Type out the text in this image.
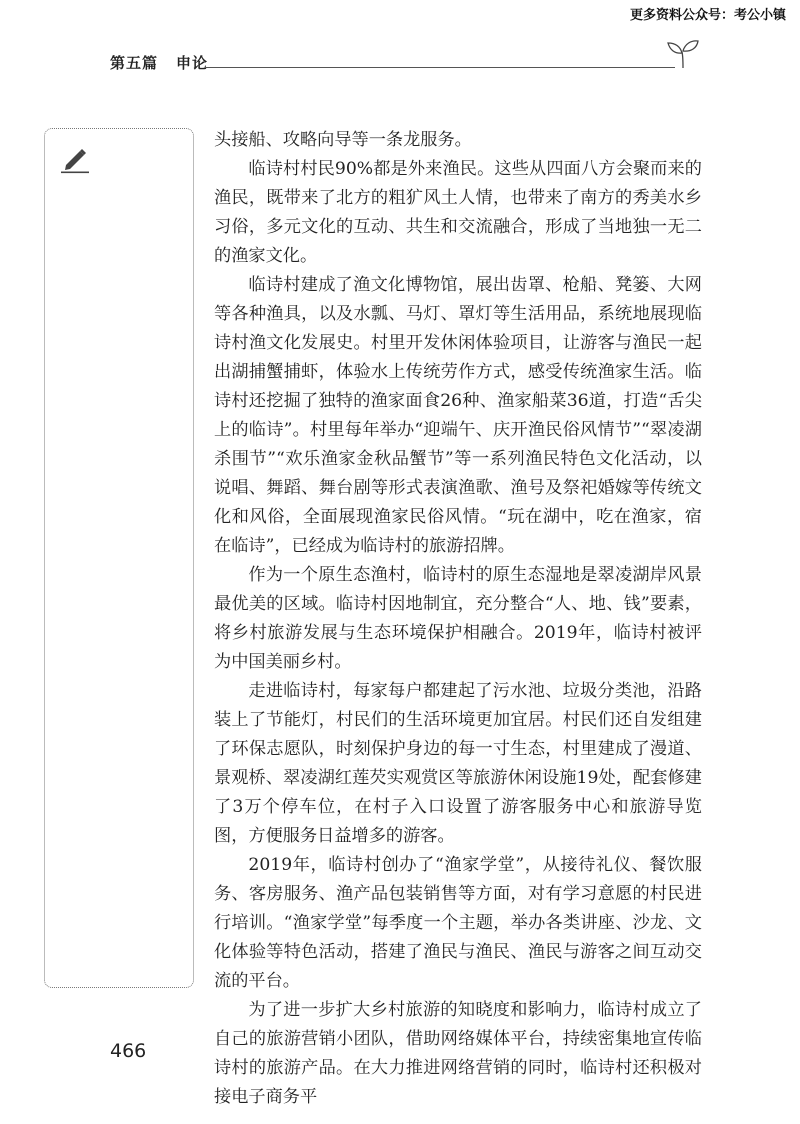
更多资料公众号：考公小镇
第五篇 申论

头接船、攻略向导等一条龙服务。

临诗村村民90%都是外来渔民。这些从四面八方会聚而来的渔民，既带来了北方的粗犷风土人情，也带来了南方的秀美水乡习俗，多元文化的互动、共生和交流融合，形成了当地独一无二的渔家文化。

临诗村建成了渔文化博物馆，展出齿罩、枪船、凳篓、大网等各种渔具，以及水瓢、马灯、罩灯等生活用品，系统地展现临诗村渔文化发展史。村里开发休闲体验项目，让游客与渔民一起出湖捕蟹捕虾，体验水上传统劳作方式，感受传统渔家生活。临诗村还挖掘了独特的渔家面食26种、渔家船菜36道，打造“舌尖上的临诗”。村里每年举办“迎端午、庆开渔民俗风情节”“翠凌湖杀围节”“欢乐渔家金秋品蟹节”等一系列渔民特色文化活动，以说唱、舞蹈、舞台剧等形式表演渔歌、渔号及祭祀婚嫁等传统文化和风俗，全面展现渔家民俗风情。“玩在湖中，吃在渔家，宿在临诗”，已经成为临诗村的旅游招牌。

作为一个原生态渔村，临诗村的原生态湿地是翠凌湖岸风景最优美的区域。临诗村因地制宜，充分整合“人、地、钱”要素，将乡村旅游发展与生态环境保护相融合。2019年，临诗村被评为中国美丽乡村。

走进临诗村，每家每户都建起了污水池、垃圾分类池，沿路装上了节能灯，村民们的生活环境更加宜居。村民们还自发组建了环保志愿队，时刻保护身边的每一寸生态，村里建成了漫道、景观桥、翠凌湖红莲芡实观赏区等旅游休闲设施19处，配套修建了3万个停车位，在村子入口设置了游客服务中心和旅游导览图，方便服务日益增多的游客。

2019年，临诗村创办了“渔家学堂”，从接待礼仪、餐饮服务、客房服务、渔产品包装销售等方面，对有学习意愿的村民进行培训。“渔家学堂”每季度一个主题，举办各类讲座、沙龙、文化体验等特色活动，搭建了渔民与渔民、渔民与游客之间互动交流的平台。

为了进一步扩大乡村旅游的知晓度和影响力，临诗村成立了自己的旅游营销小团队，借助网络媒体平台，持续密集地宣传临诗村的旅游产品。在大力推进网络营销的同时，临诗村还积极对接电子商务平

466
